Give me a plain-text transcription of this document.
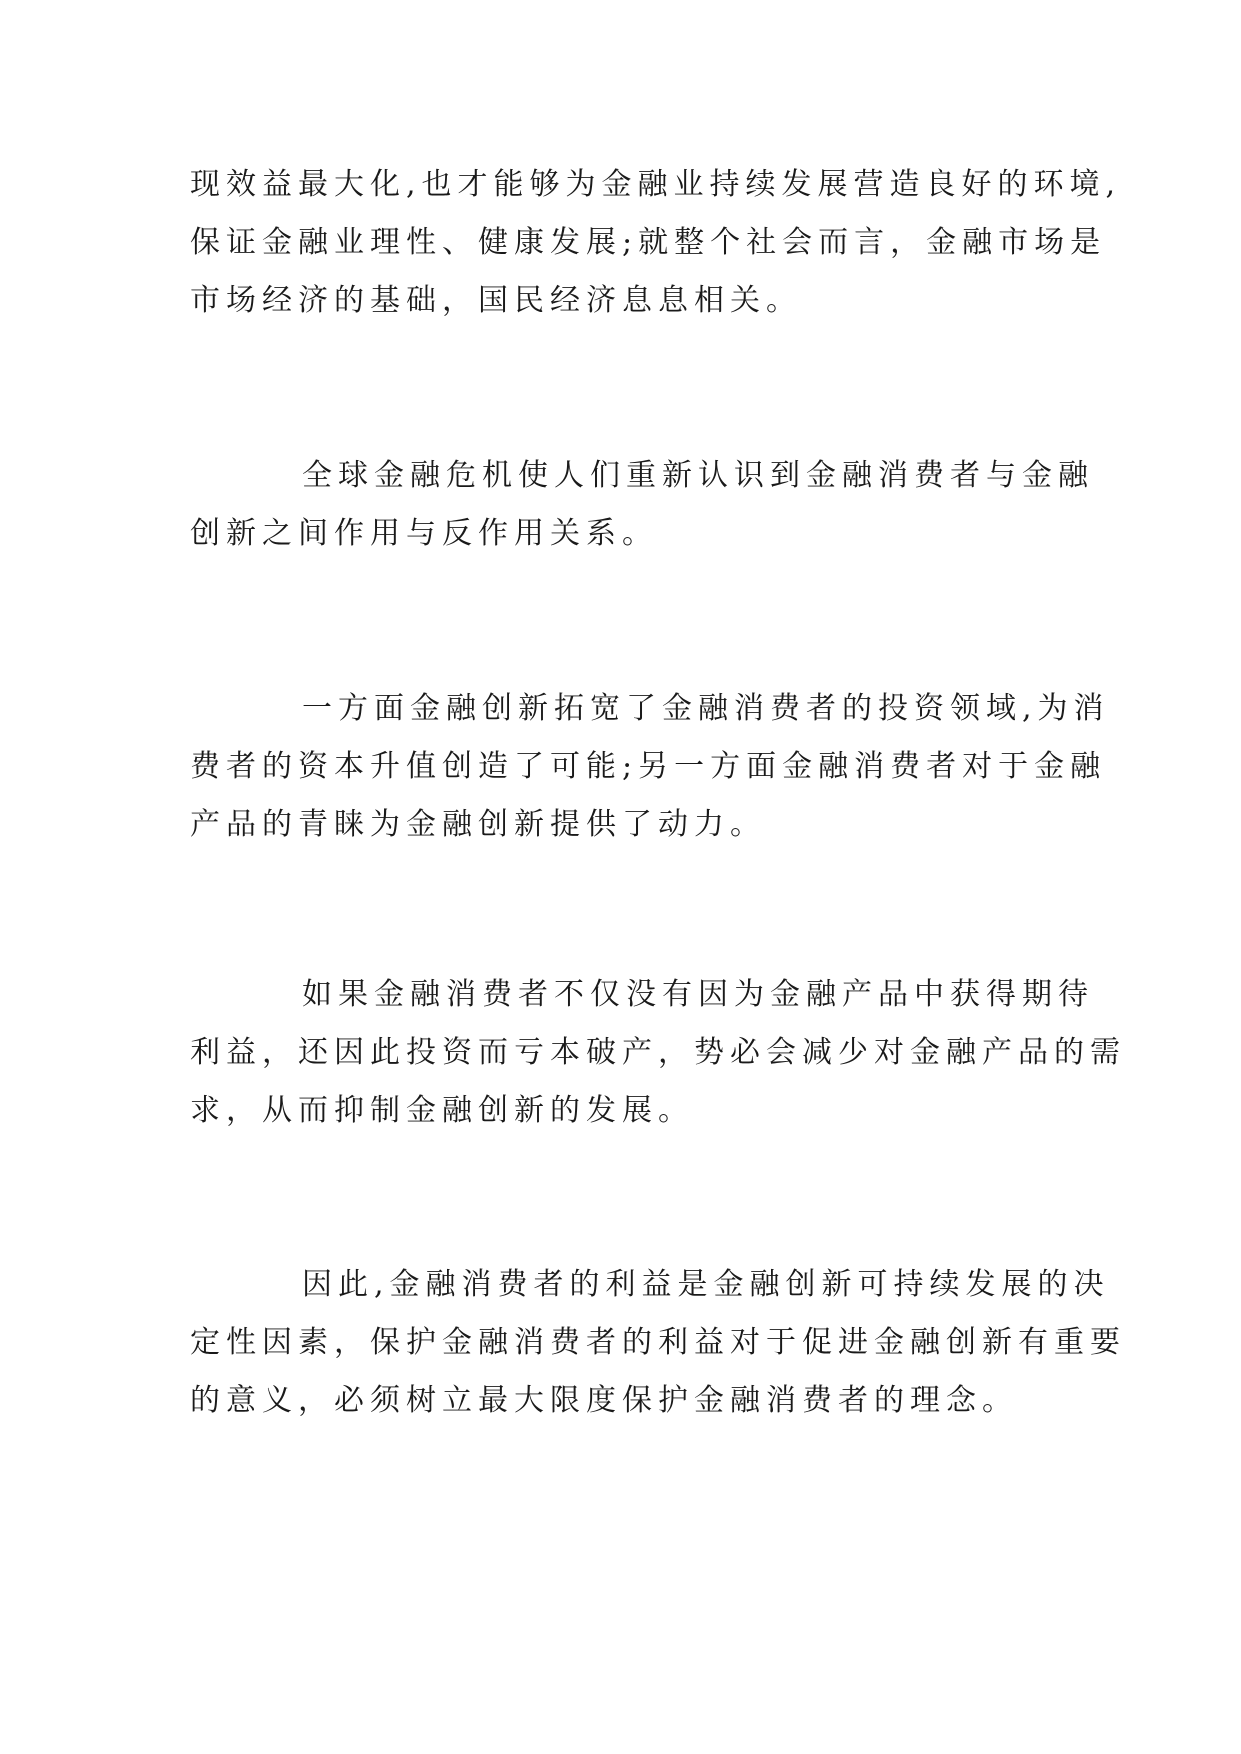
现效益最大化,也才能够为金融业持续发展营造良好的环境,
保证金融业理性、健康发展;就整个社会而言，金融市场是
市场经济的基础，国民经济息息相关。

全球金融危机使人们重新认识到金融消费者与金融
创新之间作用与反作用关系。

一方面金融创新拓宽了金融消费者的投资领域,为消
费者的资本升值创造了可能;另一方面金融消费者对于金融
产品的青睐为金融创新提供了动力。

如果金融消费者不仅没有因为金融产品中获得期待
利益，还因此投资而亏本破产，势必会减少对金融产品的需
求，从而抑制金融创新的发展。

因此,金融消费者的利益是金融创新可持续发展的决
定性因素，保护金融消费者的利益对于促进金融创新有重要
的意义，必须树立最大限度保护金融消费者的理念。
